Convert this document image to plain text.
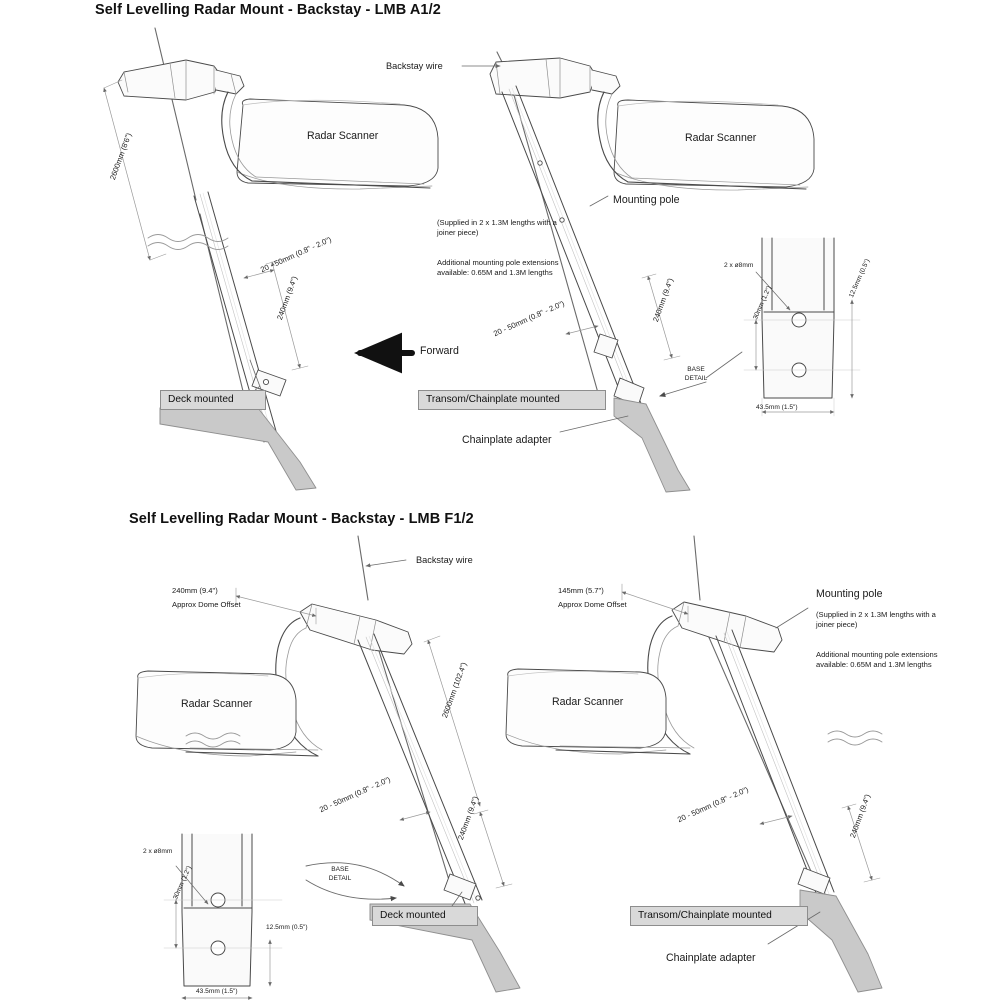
Self Levelling Radar Mount - Backstay - LMB A1/2
Self Levelling Radar Mount - Backstay - LMB F1/2
Backstay wire
Radar Scanner	Radar Scanner
Mounting pole
(Supplied in 2 x 1.3M lengths with a joiner piece)
Additional mounting pole extensions available: 0.65M and 1.3M lengths
2600mm (8'6")
240mm (9.4")	240mm (9.4")
20 - 50mm (0.8" - 2.0")
20 - 50mm (0.8" - 2.0")
Forward
Deck mounted	Transom/Chainplate mounted
Chainplate adapter
BASE
DETAIL
2 x ø8mm
30mm (1.2")
12.5mm (0.5")
43.5mm (1.5")
Backstay wire
Radar Scanner	Radar Scanner
Mounting pole
(Supplied in 2 x 1.3M lengths with a joiner piece)
Additional mounting pole extensions available: 0.65M and 1.3M lengths
240mm (9.4")
Approx Dome Offset
145mm (5.7")
Approx Dome Offset
2600mm (102.4")
240mm (9.4")	240mm (9.4")
20 - 50mm (0.8" - 2.0")	20 - 50mm (0.8" - 2.0")
Deck mounted	Transom/Chainplate mounted
Chainplate adapter
BASE
DETAIL
2 x ø8mm
30mm (1.2")
12.5mm (0.5")
43.5mm (1.5")
